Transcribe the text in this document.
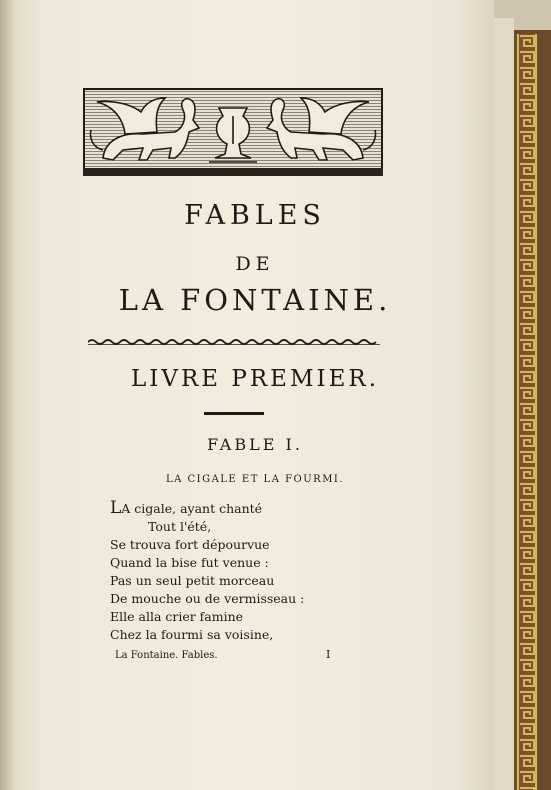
FABLES
DE
LA FONTAINE.
LIVRE PREMIER.
FABLE I.
LA CIGALE ET LA FOURMI.
LA cigale, ayant chanté
Tout l'été,
Se trouva fort dépourvue
Quand la bise fut venue :
Pas un seul petit morceau
De mouche ou de vermisseau :
Elle alla crier famine
Chez la fourmi sa voisine,
La Fontaine. Fables.	I
